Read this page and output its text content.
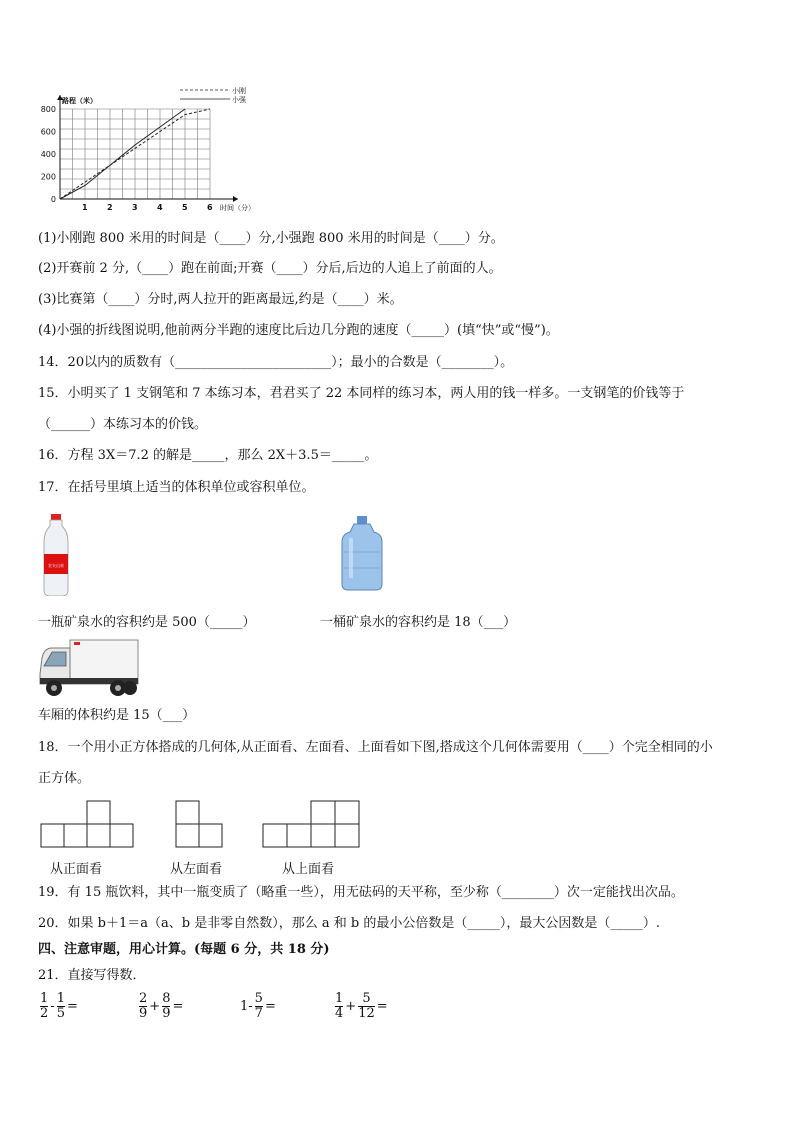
1 2 3 4 5 6
0
200
400
600
800
时间（分）
路程（米）
小刚
小强
(1)小刚跑 800 米用的时间是（____）分,小强跑 800 米用的时间是（____）分。
(2)开赛前 2 分,（____）跑在前面;开赛（____）分后,后边的人追上了前面的人。
(3)比赛第（____）分时,两人拉开的距离最远,约是（____）米。
(4)小强的折线图说明,他前两分半跑的速度比后边几分跑的速度（_____）(填“快”或“慢”)。
14．20以内的质数有（________________________）；最小的合数是（________）。
15．小明买了 1 支钢笔和 7 本练习本，君君买了 22 本同样的练习本，两人用的钱一样多。一支钢笔的价钱等于
（______）本练习本的价钱。
16．方程 3X＝7.2 的解是_____，那么 2X＋3.5＝_____。
17．在括号里填上适当的体积单位或容积单位。
农夫山泉
一瓶矿泉水的容积约是 500（_____）	一桶矿泉水的容积约是 18（___）
车厢的体积约是 15（___）
18．一个用小正方体搭成的几何体,从正面看、左面看、上面看如下图,搭成这个几何体需要用（____）个完全相同的小
正方体。
从正面看	从左面看	从上面看
19．有 15 瓶饮料，其中一瓶变质了（略重一些），用无砝码的天平称，至少称（________）次一定能找出次品。
20．如果 b＋1＝a（a、b 是非零自然数），那么 a 和 b 的最小公倍数是（_____），最大公因数是（_____）.
四、注意审题，用心计算。(每题 6 分，共 18 分)
21．直接写得数．
$\frac{1}{2} - \frac{1}{5}$ =	$\frac{2}{9} + \frac{8}{9}$ =	$1- \frac{5}{7}$ =	$\frac{1}{4} + \frac{5}{12}$ =
